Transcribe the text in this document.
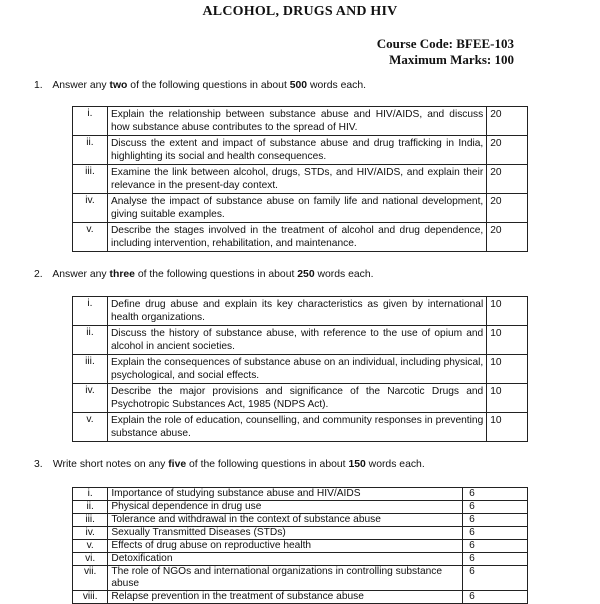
ALCOHOL, DRUGS AND HIV
Course Code: BFEE-103
Maximum Marks: 100
1. Answer any two of the following questions in about 500 words each.
i.	Explain the relationship between substance abuse and HIV/AIDS, and discuss how substance abuse contributes to the spread of HIV.	20
ii.	Discuss the extent and impact of substance abuse and drug trafficking in India, highlighting its social and health consequences.	20
iii.	Examine the link between alcohol, drugs, STDs, and HIV/AIDS, and explain their relevance in the present-day context.	20
iv.	Analyse the impact of substance abuse on family life and national development, giving suitable examples.	20
v.	Describe the stages involved in the treatment of alcohol and drug dependence, including intervention, rehabilitation, and maintenance.	20
2. Answer any three of the following questions in about 250 words each.
i.	Define drug abuse and explain its key characteristics as given by international health organizations.	10
ii.	Discuss the history of substance abuse, with reference to the use of opium and alcohol in ancient societies.	10
iii.	Explain the consequences of substance abuse on an individual, including physical, psychological, and social effects.	10
iv.	Describe the major provisions and significance of the Narcotic Drugs and Psychotropic Substances Act, 1985 (NDPS Act).	10
v.	Explain the role of education, counselling, and community responses in preventing substance abuse.	10
3. Write short notes on any five of the following questions in about 150 words each.
i.	Importance of studying substance abuse and HIV/AIDS	6
ii.	Physical dependence in drug use	6
iii.	Tolerance and withdrawal in the context of substance abuse	6
iv.	Sexually Transmitted Diseases (STDs)	6
v.	Effects of drug abuse on reproductive health	6
vi.	Detoxification	6
vii.	The role of NGOs and international organizations in controlling substance abuse	6
viii.	Relapse prevention in the treatment of substance abuse	6
